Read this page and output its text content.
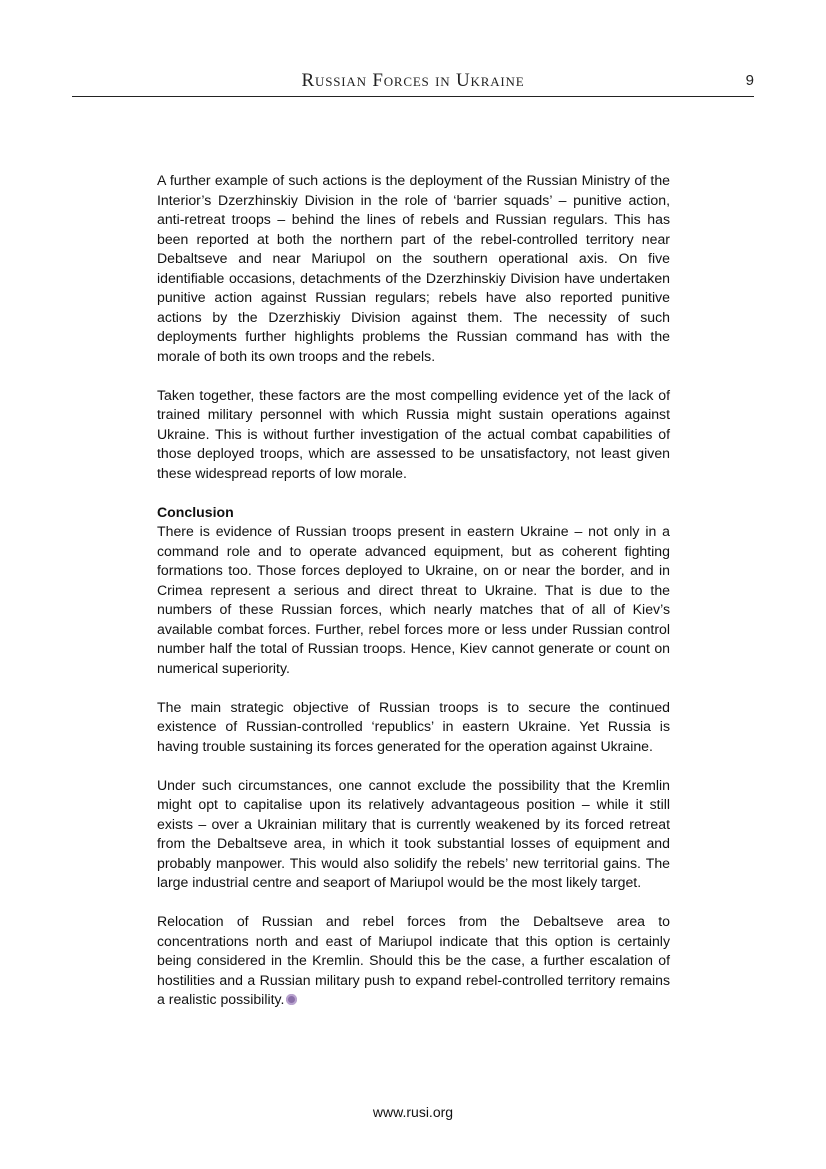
Russian Forces in Ukraine	9

A further example of such actions is the deployment of the Russian Ministry of the Interior’s Dzerzhinskiy Division in the role of ‘barrier squads’ – punitive action, anti-retreat troops – behind the lines of rebels and Russian regulars. This has been reported at both the northern part of the rebel-controlled territory near Debaltseve and near Mariupol on the southern operational axis. On five identifiable occasions, detachments of the Dzerzhinskiy Division have undertaken punitive action against Russian regulars; rebels have also reported punitive actions by the Dzerzhiskiy Division against them. The necessity of such deployments further highlights problems the Russian command has with the morale of both its own troops and the rebels.

Taken together, these factors are the most compelling evidence yet of the lack of trained military personnel with which Russia might sustain operations against Ukraine. This is without further investigation of the actual combat capabilities of those deployed troops, which are assessed to be unsatisfactory, not least given these widespread reports of low morale.

Conclusion

There is evidence of Russian troops present in eastern Ukraine – not only in a command role and to operate advanced equipment, but as coherent fighting formations too. Those forces deployed to Ukraine, on or near the border, and in Crimea represent a serious and direct threat to Ukraine. That is due to the numbers of these Russian forces, which nearly matches that of all of Kiev’s available combat forces. Further, rebel forces more or less under Russian control number half the total of Russian troops. Hence, Kiev cannot generate or count on numerical superiority.

The main strategic objective of Russian troops is to secure the continued existence of Russian-controlled ‘republics’ in eastern Ukraine. Yet Russia is having trouble sustaining its forces generated for the operation against Ukraine.

Under such circumstances, one cannot exclude the possibility that the Kremlin might opt to capitalise upon its relatively advantageous position – while it still exists – over a Ukrainian military that is currently weakened by its forced retreat from the Debaltseve area, in which it took substantial losses of equipment and probably manpower. This would also solidify the rebels’ new territorial gains. The large industrial centre and seaport of Mariupol would be the most likely target.

Relocation of Russian and rebel forces from the Debaltseve area to concentrations north and east of Mariupol indicate that this option is certainly being considered in the Kremlin. Should this be the case, a further escalation of hostilities and a Russian military push to expand rebel-controlled territory remains a realistic possibility.

www.rusi.org
